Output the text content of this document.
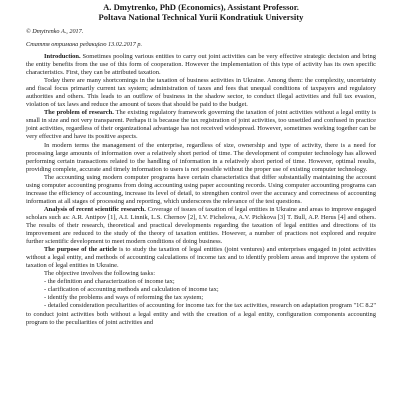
A. Dmytrenko, PhD (Economics), Assistant Professor.
Poltava National Technical Yurii Kondratiuk University
© Dmytrenko A., 2017.
Стаття отримана редакцією 13.02.2017 р.

Introduction. Sometimes pooling various entities to carry out joint activities can be very effective strategic decision and bring the entity benefits from the use of this form of cooperation. However the implementation of this type of activity has its own specific characteristics. First, they can be attributed taxation.

Today there are many shortcomings in the taxation of business activities in Ukraine. Among them: the complexity, uncertainty and fiscal focus primarily current tax system; administration of taxes and fees that unequal conditions of taxpayers and regulatory authorities and others. This leads to an outflow of business in the shadow sector, to conduct illegal activities and full tax evasion, violation of tax laws and reduce the amount of taxes that should be paid to the budget.

The problem of research. The existing regulatory framework governing the taxation of joint activities without a legal entity is small in size and not very transparent. Perhaps it is because the tax registration of joint activities, too unsettled and confused in practice joint activities, regardless of their organizational advantage has not received widespread. However, sometimes working together can be very effective and have its positive aspects.

In modern terms the management of the enterprise, regardless of size, ownership and type of activity, there is a need for processing large amounts of information over a relatively short period of time. The development of computer technology has allowed performing certain transactions related to the handling of information in a relatively short period of time. However, optimal results, providing complete, accurate and timely information to users is not possible without the proper use of existing computer technology.

The accounting using modern computer programs have certain characteristics that differ substantially maintaining the account using computer accounting programs from doing accounting using paper accounting records. Using computer accounting programs can increase the efficiency of accounting, increase its level of detail, to strengthen control over the accuracy and correctness of accounting information at all stages of processing and reporting, which underscores the relevance of the test questions.

Analysis of recent scientific research. Coverage of issues of taxation of legal entities in Ukraine and areas to improve engaged scholars such as: A.R. Antipov [1], A.I. Linnik, L.S. Chernov [2], I.V. Fichelova, A.V. Pichkova [3] T. Bull, A.P. Herus [4] and others. The results of their research, theoretical and practical developments regarding the taxation of legal entities and directions of its improvement are reduced to the study of the theory of taxation entities. However, a number of practices not explored and require further scientific development to meet modern conditions of doing business.

The purpose of the article is to study the taxation of legal entities (joint ventures) and enterprises engaged in joint activities without a legal entity, and methods of accounting calculations of income tax and to identify problem areas and improve the system of taxation of legal entities in Ukraine.

The objective involves the following tasks:

- the definition and characterization of income tax;

- clarification of accounting methods and calculation of income tax;

- identify the problems and ways of reforming the tax system;

- detailed consideration peculiarities of accounting for income tax for the tax activities, research on adaptation program "1C 8.2" to conduct joint activities both without a legal entity and with the creation of a legal entity, configuration components accounting program to the peculiarities of joint activities and
